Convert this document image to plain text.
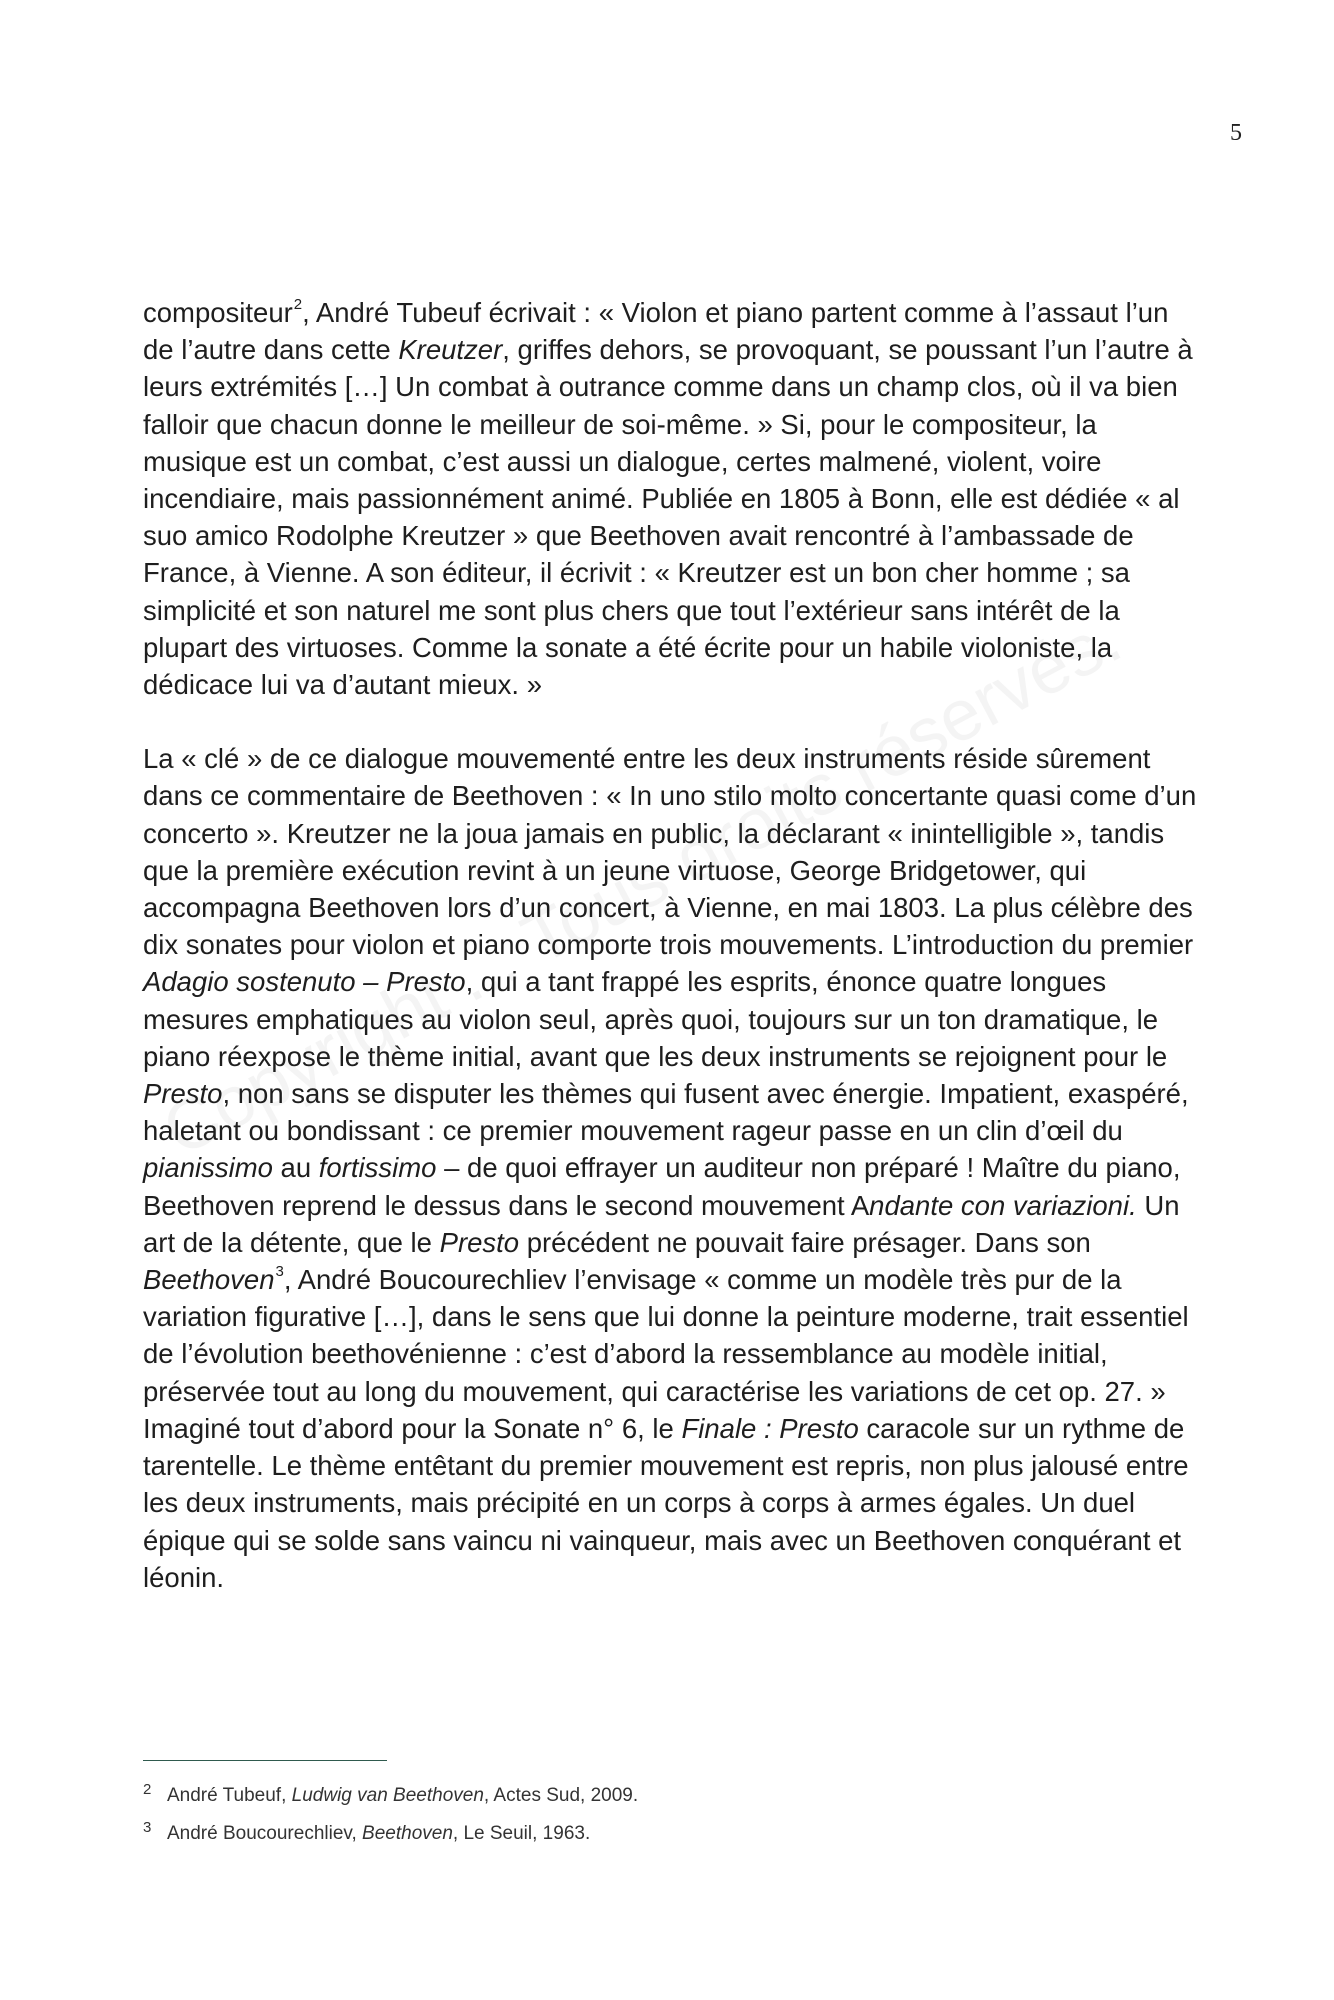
5

compositeur$^2$, André Tubeuf écrivait : « Violon et piano partent comme à l’assaut l’un de l’autre dans cette Kreutzer, griffes dehors, se provoquant, se poussant l’un l’autre à leurs extrémités […] Un combat à outrance comme dans un champ clos, où il va bien falloir que chacun donne le meilleur de soi-même. » Si, pour le compositeur, la musique est un combat, c’est aussi un dialogue, certes malmené, violent, voire incendiaire, mais passionnément animé. Publiée en 1805 à Bonn, elle est dédiée « al suo amico Rodolphe Kreutzer » que Beethoven avait rencontré à l’ambassade de France, à Vienne. A son éditeur, il écrivit : « Kreutzer est un bon cher homme ; sa simplicité et son naturel me sont plus chers que tout l’extérieur sans intérêt de la plupart des virtuoses. Comme la sonate a été écrite pour un habile violoniste, la dédicace lui va d’autant mieux. »

La « clé » de ce dialogue mouvementé entre les deux instruments réside sûrement dans ce commentaire de Beethoven : « In uno stilo molto concertante quasi come d’un concerto ». Kreutzer ne la joua jamais en public, la déclarant « inintelligible », tandis que la première exécution revint à un jeune virtuose, George Bridgetower, qui accompagna Beethoven lors d’un concert, à Vienne, en mai 1803. La plus célèbre des dix sonates pour violon et piano comporte trois mouvements. L’introduction du premier Adagio sostenuto – Presto, qui a tant frappé les esprits, énonce quatre longues mesures emphatiques au violon seul, après quoi, toujours sur un ton dramatique, le piano réexpose le thème initial, avant que les deux instruments se rejoignent pour le Presto, non sans se disputer les thèmes qui fusent avec énergie. Impatient, exaspéré, haletant ou bondissant : ce premier mouvement rageur passe en un clin d’œil du pianissimo au fortissimo – de quoi effrayer un auditeur non préparé ! Maître du piano, Beethoven reprend le dessus dans le second mouvement Andante con variazioni. Un art de la détente, que le Presto précédent ne pouvait faire présager. Dans son Beethoven$^3$, André Boucourechliev l’envisage « comme un modèle très pur de la variation figurative […], dans le sens que lui donne la peinture moderne, trait essentiel de l’évolution beethovénienne : c’est d’abord la ressemblance au modèle initial, préservée tout au long du mouvement, qui caractérise les variations de cet op. 27. » Imaginé tout d’abord pour la Sonate n° 6, le Finale : Presto caracole sur un rythme de tarentelle. Le thème entêtant du premier mouvement est repris, non plus jalousé entre les deux instruments, mais précipité en un corps à corps à armes égales. Un duel épique qui se solde sans vaincu ni vainqueur, mais avec un Beethoven conquérant et léonin.

2 André Tubeuf, Ludwig van Beethoven, Actes Sud, 2009.
3 André Boucourechliev, Beethoven, Le Seuil, 1963.
